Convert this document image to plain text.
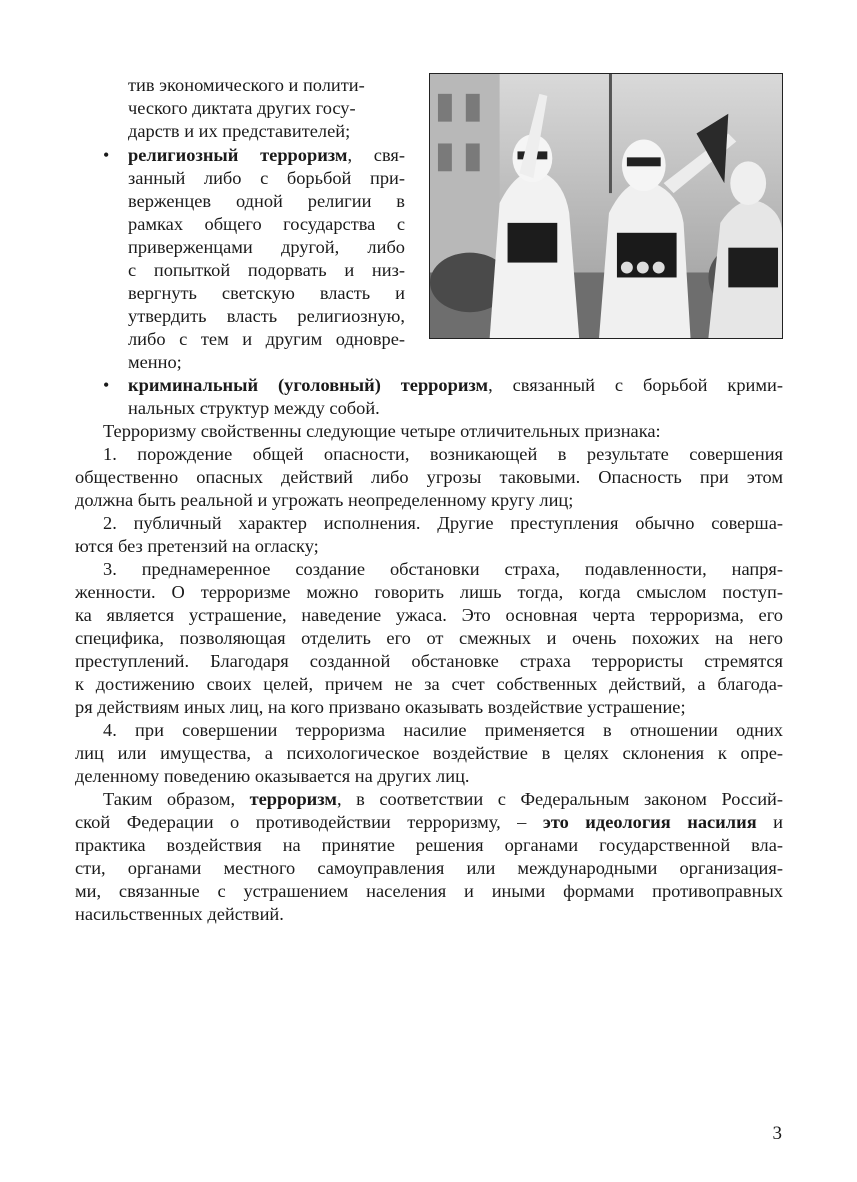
тив экономического и полити-
ческого диктата других госу-
дарств и их представителей;
• религиозный терроризм, свя-
занный либо с борьбой при-
верженцев одной религии в
рамках общего государства с
приверженцами другой, либо
с попыткой подорвать и низ-
вергнуть светскую власть и
утвердить власть религиозную,
либо с тем и другим одновре-
менно;
• криминальный (уголовный) терроризм, связанный с борьбой крими-
нальных структур между собой.
Терроризму свойственны следующие четыре отличительных признака:
1. порождение общей опасности, возникающей в результате совершения
общественно опасных действий либо угрозы таковыми. Опасность при этом
должна быть реальной и угрожать неопределенному кругу лиц;
2. публичный характер исполнения. Другие преступления обычно соверша-
ются без претензий на огласку;
3. преднамеренное создание обстановки страха, подавленности, напря-
женности. О терроризме можно говорить лишь тогда, когда смыслом поступ-
ка является устрашение, наведение ужаса. Это основная черта терроризма, его
специфика, позволяющая отделить его от смежных и очень похожих на него
преступлений. Благодаря созданной обстановке страха террористы стремятся
к достижению своих целей, причем не за счет собственных действий, а благода-
ря действиям иных лиц, на кого призвано оказывать воздействие устрашение;
4. при совершении терроризма насилие применяется в отношении одних
лиц или имущества, а психологическое воздействие в целях склонения к опре-
деленному поведению оказывается на других лиц.
Таким образом, терроризм, в соответствии с Федеральным законом Россий-
ской Федерации о противодействии терроризму, – это идеология насилия и
практика воздействия на принятие решения органами государственной вла-
сти, органами местного самоуправления или международными организация-
ми, связанные с устрашением населения и иными формами противоправных
насильственных действий.
3
